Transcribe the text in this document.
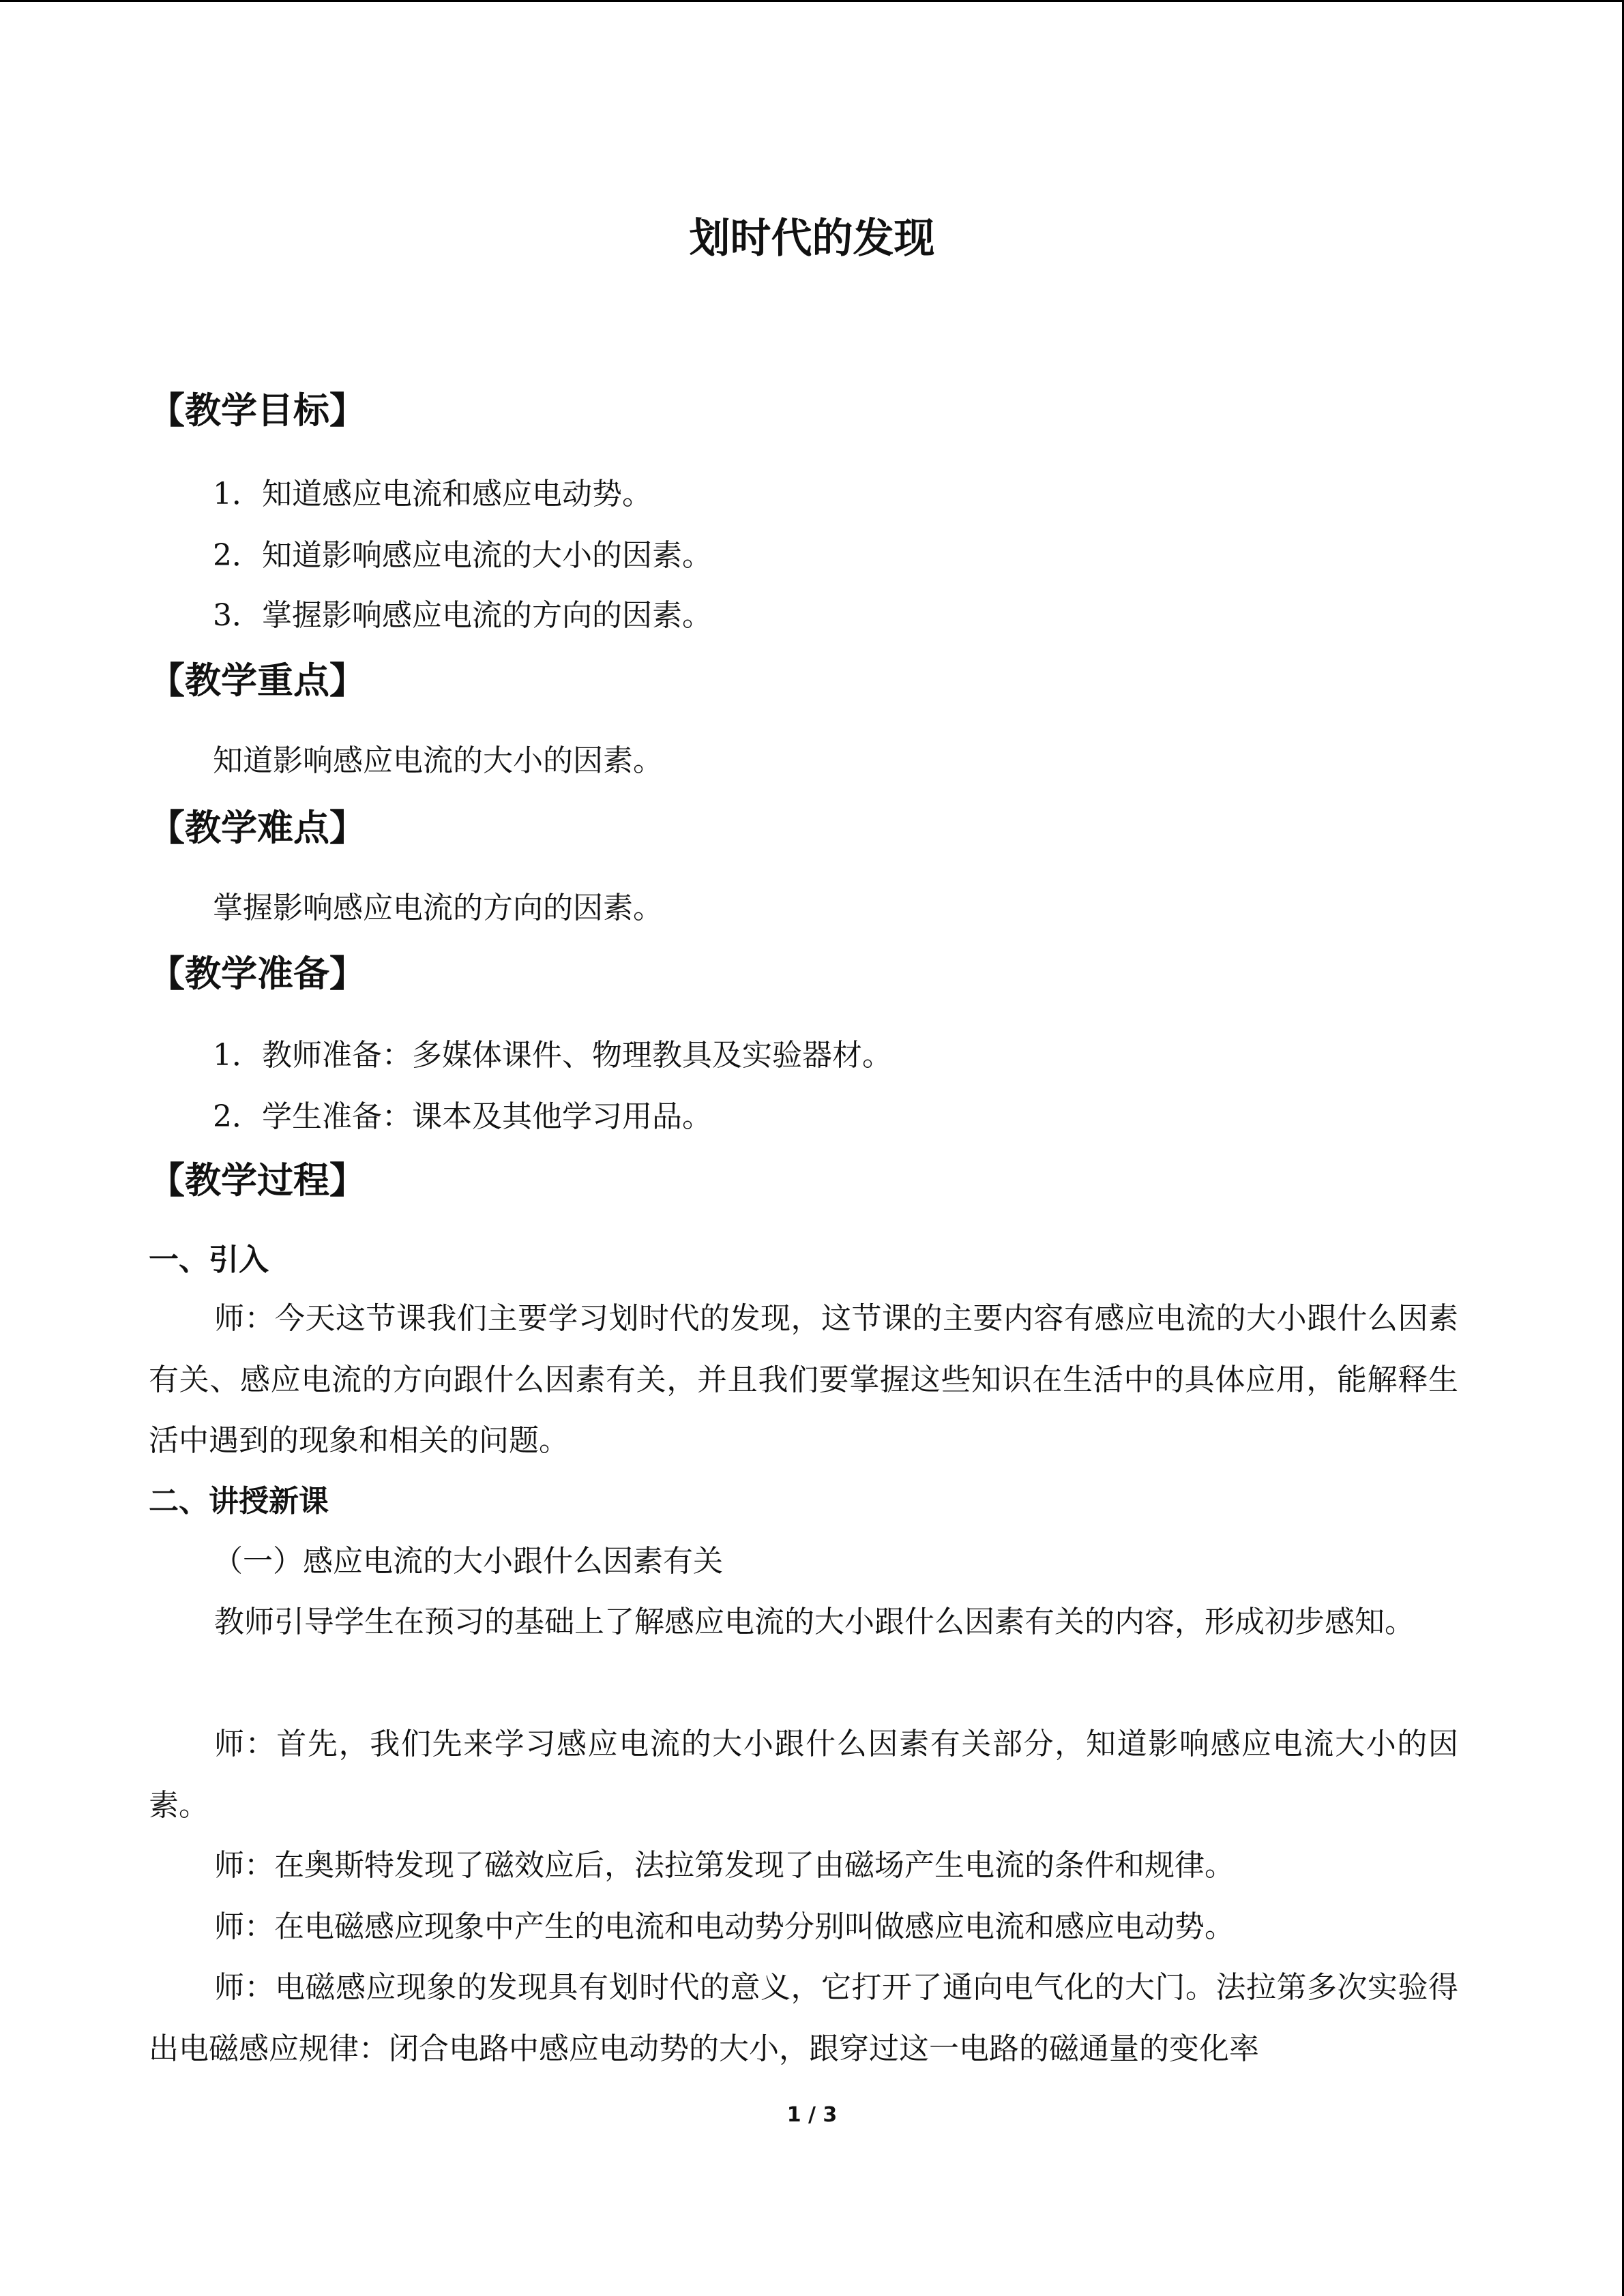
划时代的发现
【教学目标】

1．知道感应电流和感应电动势。

2．知道影响感应电流的大小的因素。

3．掌握影响感应电流的方向的因素。

【教学重点】

知道影响感应电流的大小的因素。

【教学难点】

掌握影响感应电流的方向的因素。

【教学准备】

1．教师准备：多媒体课件、物理教具及实验器材。

2．学生准备：课本及其他学习用品。

【教学过程】
一、引入

师：今天这节课我们主要学习划时代的发现，这节课的主要内容有感应电流的大小跟什么因素有关、感应电流的方向跟什么因素有关，并且我们要掌握这些知识在生活中的具体应用，能解释生活中遇到的现象和相关的问题。

二、讲授新课

（一）感应电流的大小跟什么因素有关

教师引导学生在预习的基础上了解感应电流的大小跟什么因素有关的内容，形成初步感知。

师：首先，我们先来学习感应电流的大小跟什么因素有关部分，知道影响感应电流大小的因素。

师：在奥斯特发现了磁效应后，法拉第发现了由磁场产生电流的条件和规律。

师：在电磁感应现象中产生的电流和电动势分别叫做感应电流和感应电动势。

师：电磁感应现象的发现具有划时代的意义，它打开了通向电气化的大门。法拉第多次实验得出电磁感应规律：闭合电路中感应电动势的大小，跟穿过这一电路的磁通量的变化率

1 / 3
